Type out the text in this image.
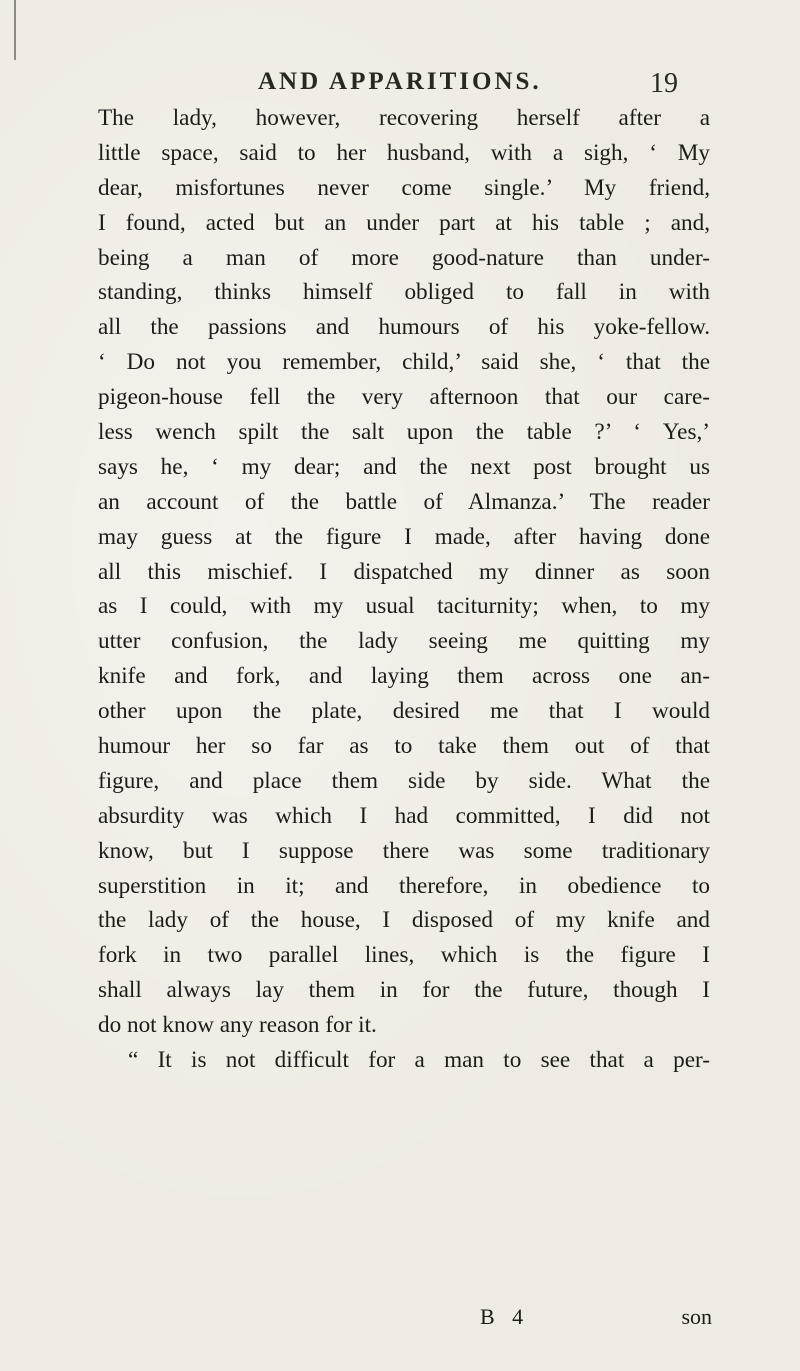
AND APPARITIONS.	19
The lady, however, recovering herself after a
little space, said to her husband, with a sigh, ‘ My
dear, misfortunes never come single.’ My friend,
I found, acted but an under part at his table ; and,
being a man of more good-nature than under-
standing, thinks himself obliged to fall in with
all the passions and humours of his yoke-fellow.
‘ Do not you remember, child,’ said she, ‘ that the
pigeon-house fell the very afternoon that our care-
less wench spilt the salt upon the table ?’ ‘ Yes,’
says he, ‘ my dear; and the next post brought us
an account of the battle of Almanza.’ The reader
may guess at the figure I made, after having done
all this mischief. I dispatched my dinner as soon
as I could, with my usual taciturnity; when, to my
utter confusion, the lady seeing me quitting my
knife and fork, and laying them across one an-
other upon the plate, desired me that I would
humour her so far as to take them out of that
figure, and place them side by side. What the
absurdity was which I had committed, I did not
know, but I suppose there was some traditionary
superstition in it; and therefore, in obedience to
the lady of the house, I disposed of my knife and
fork in two parallel lines, which is the figure I
shall always lay them in for the future, though I
do not know any reason for it.
“ It is not difficult for a man to see that a per-
B 4	son
